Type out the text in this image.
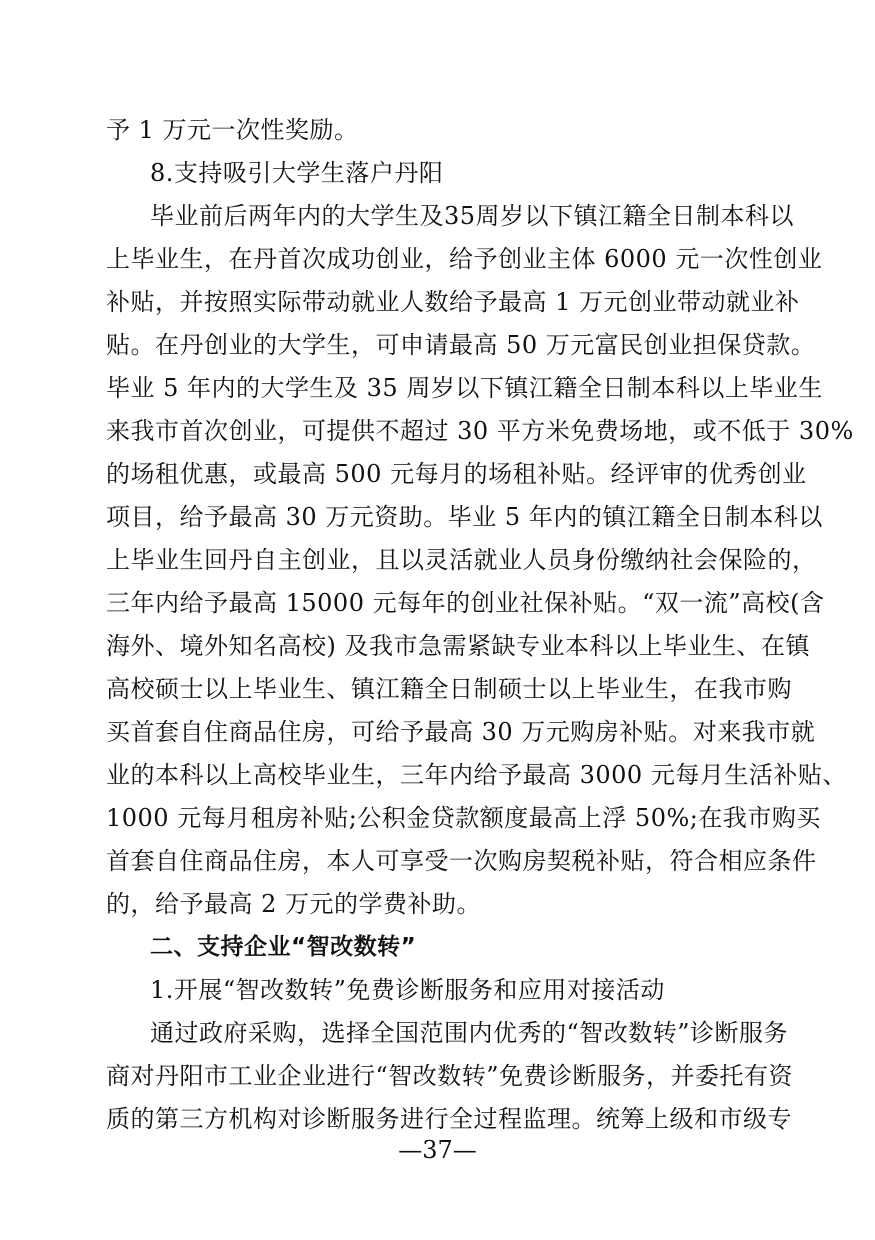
予 1 万元一次性奖励。
8.支持吸引大学生落户丹阳
毕业前后两年内的大学生及35周岁以下镇江籍全日制本科以
上毕业生，在丹首次成功创业，给予创业主体 6000 元一次性创业
补贴，并按照实际带动就业人数给予最高 1 万元创业带动就业补
贴。在丹创业的大学生，可申请最高 50 万元富民创业担保贷款。
毕业 5 年内的大学生及 35 周岁以下镇江籍全日制本科以上毕业生
来我市首次创业，可提供不超过 30 平方米免费场地，或不低于 30%
的场租优惠，或最高 500 元每月的场租补贴。经评审的优秀创业
项目，给予最高 30 万元资助。毕业 5 年内的镇江籍全日制本科以
上毕业生回丹自主创业，且以灵活就业人员身份缴纳社会保险的，
三年内给予最高 15000 元每年的创业社保补贴。“双一流”高校(含
海外、境外知名高校) 及我市急需紧缺专业本科以上毕业生、在镇
高校硕士以上毕业生、镇江籍全日制硕士以上毕业生，在我市购
买首套自住商品住房，可给予最高 30 万元购房补贴。对来我市就
业的本科以上高校毕业生，三年内给予最高 3000 元每月生活补贴、
1000 元每月租房补贴;公积金贷款额度最高上浮 50%;在我市购买
首套自住商品住房，本人可享受一次购房契税补贴，符合相应条件
的，给予最高 2 万元的学费补助。
二、支持企业“智改数转”
1.开展“智改数转”免费诊断服务和应用对接活动
通过政府采购，选择全国范围内优秀的“智改数转”诊断服务
商对丹阳市工业企业进行“智改数转”免费诊断服务，并委托有资
质的第三方机构对诊断服务进行全过程监理。统筹上级和市级专
—37—
